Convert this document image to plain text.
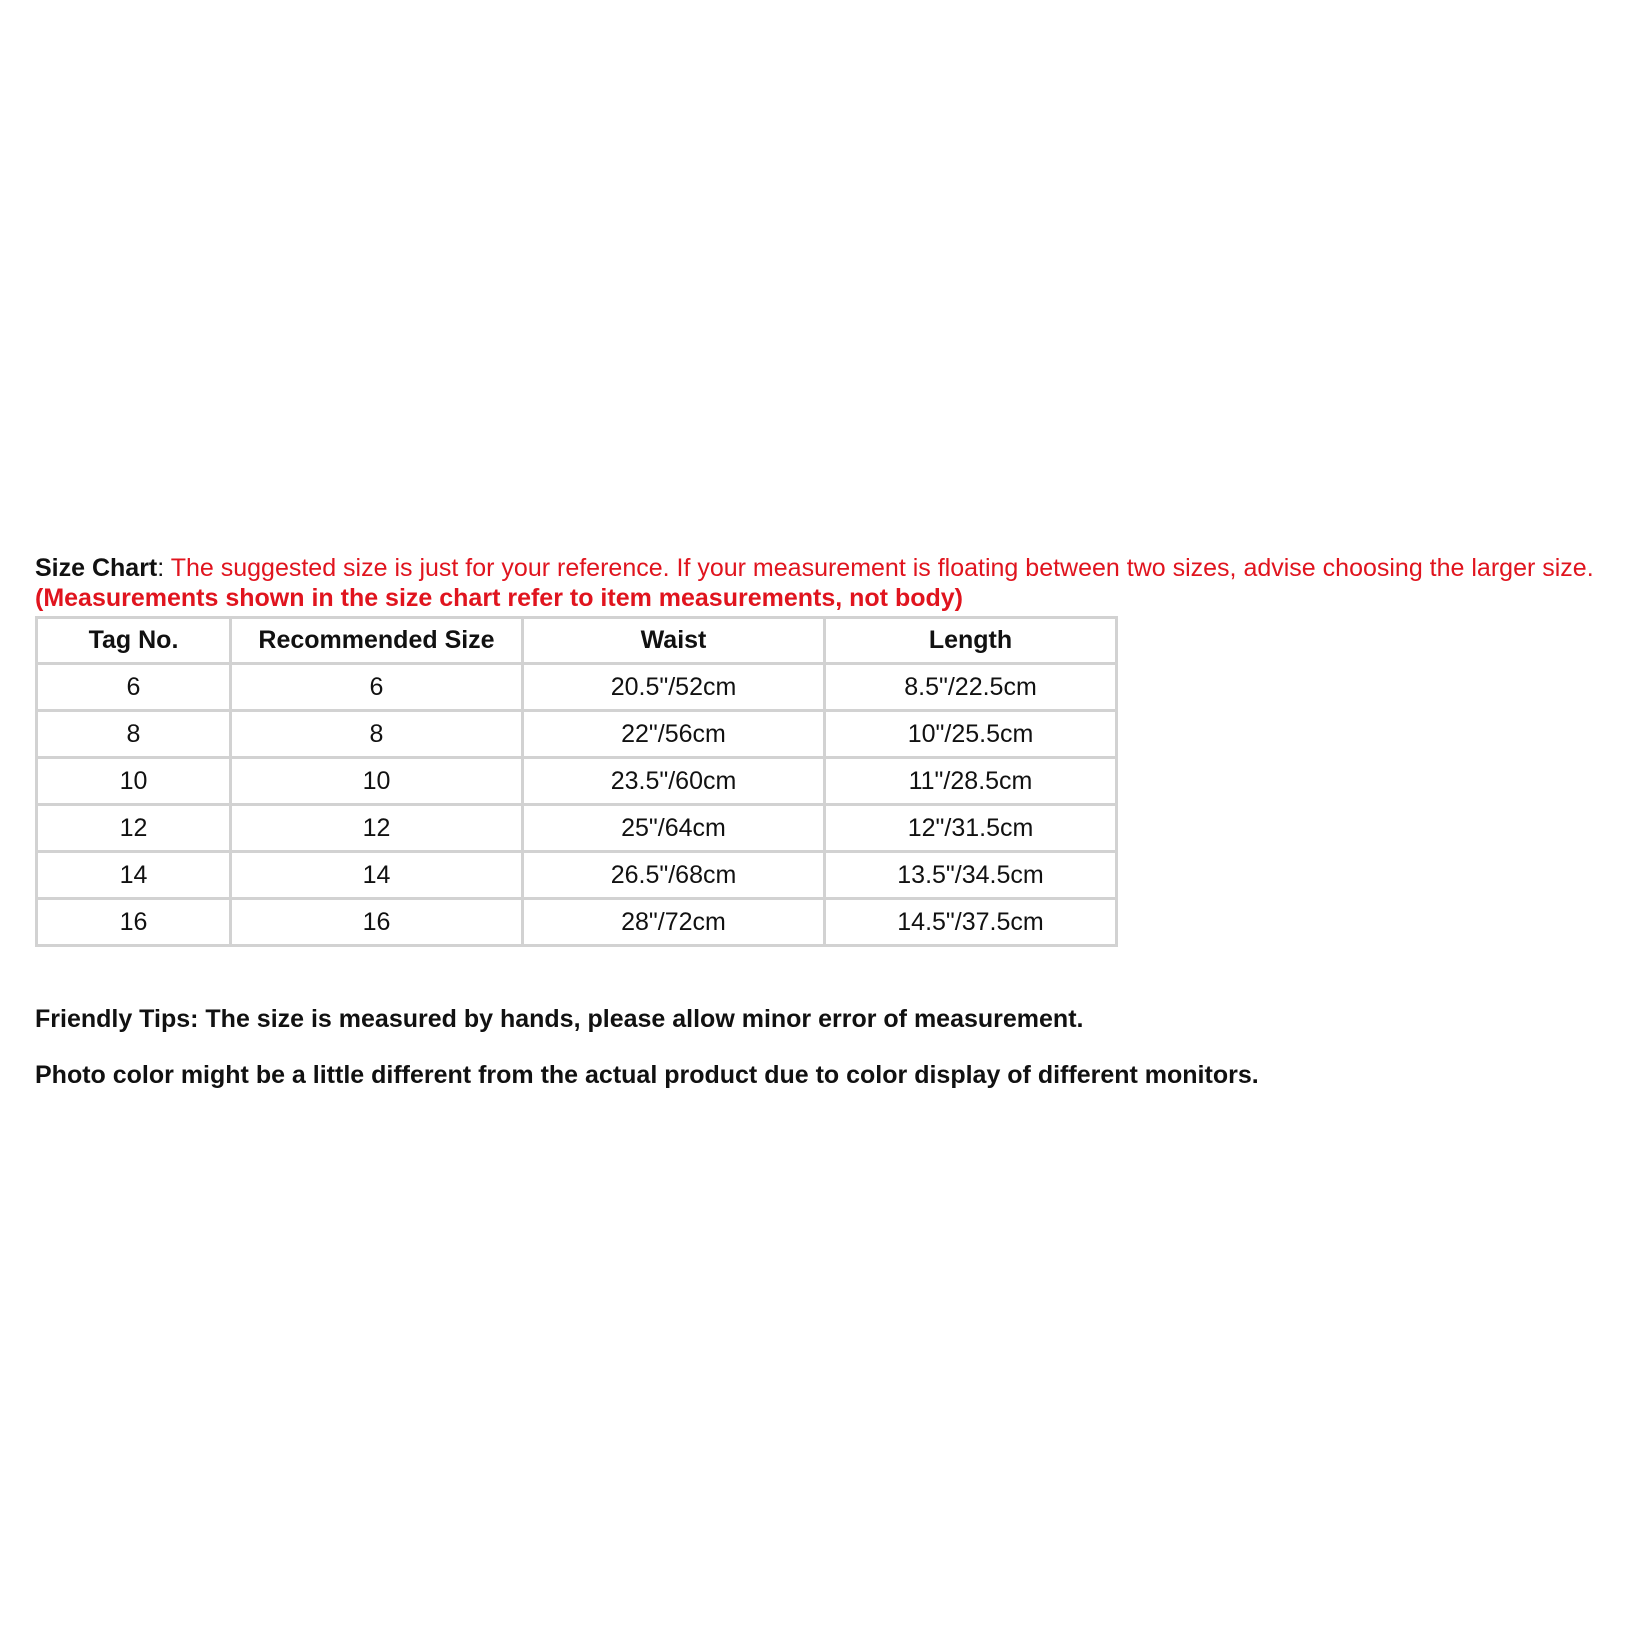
Size Chart: The suggested size is just for your reference. If your measurement is floating between two sizes, advise choosing the larger size. (Measurements shown in the size chart refer to item measurements, not body)

Tag No.	Recommended Size	Waist	Length
6	6	20.5"/52cm	8.5"/22.5cm
8	8	22"/56cm	10"/25.5cm
10	10	23.5"/60cm	11"/28.5cm
12	12	25"/64cm	12"/31.5cm
14	14	26.5"/68cm	13.5"/34.5cm
16	16	28"/72cm	14.5"/37.5cm

Friendly Tips: The size is measured by hands, please allow minor error of measurement.

Photo color might be a little different from the actual product due to color display of different monitors.
